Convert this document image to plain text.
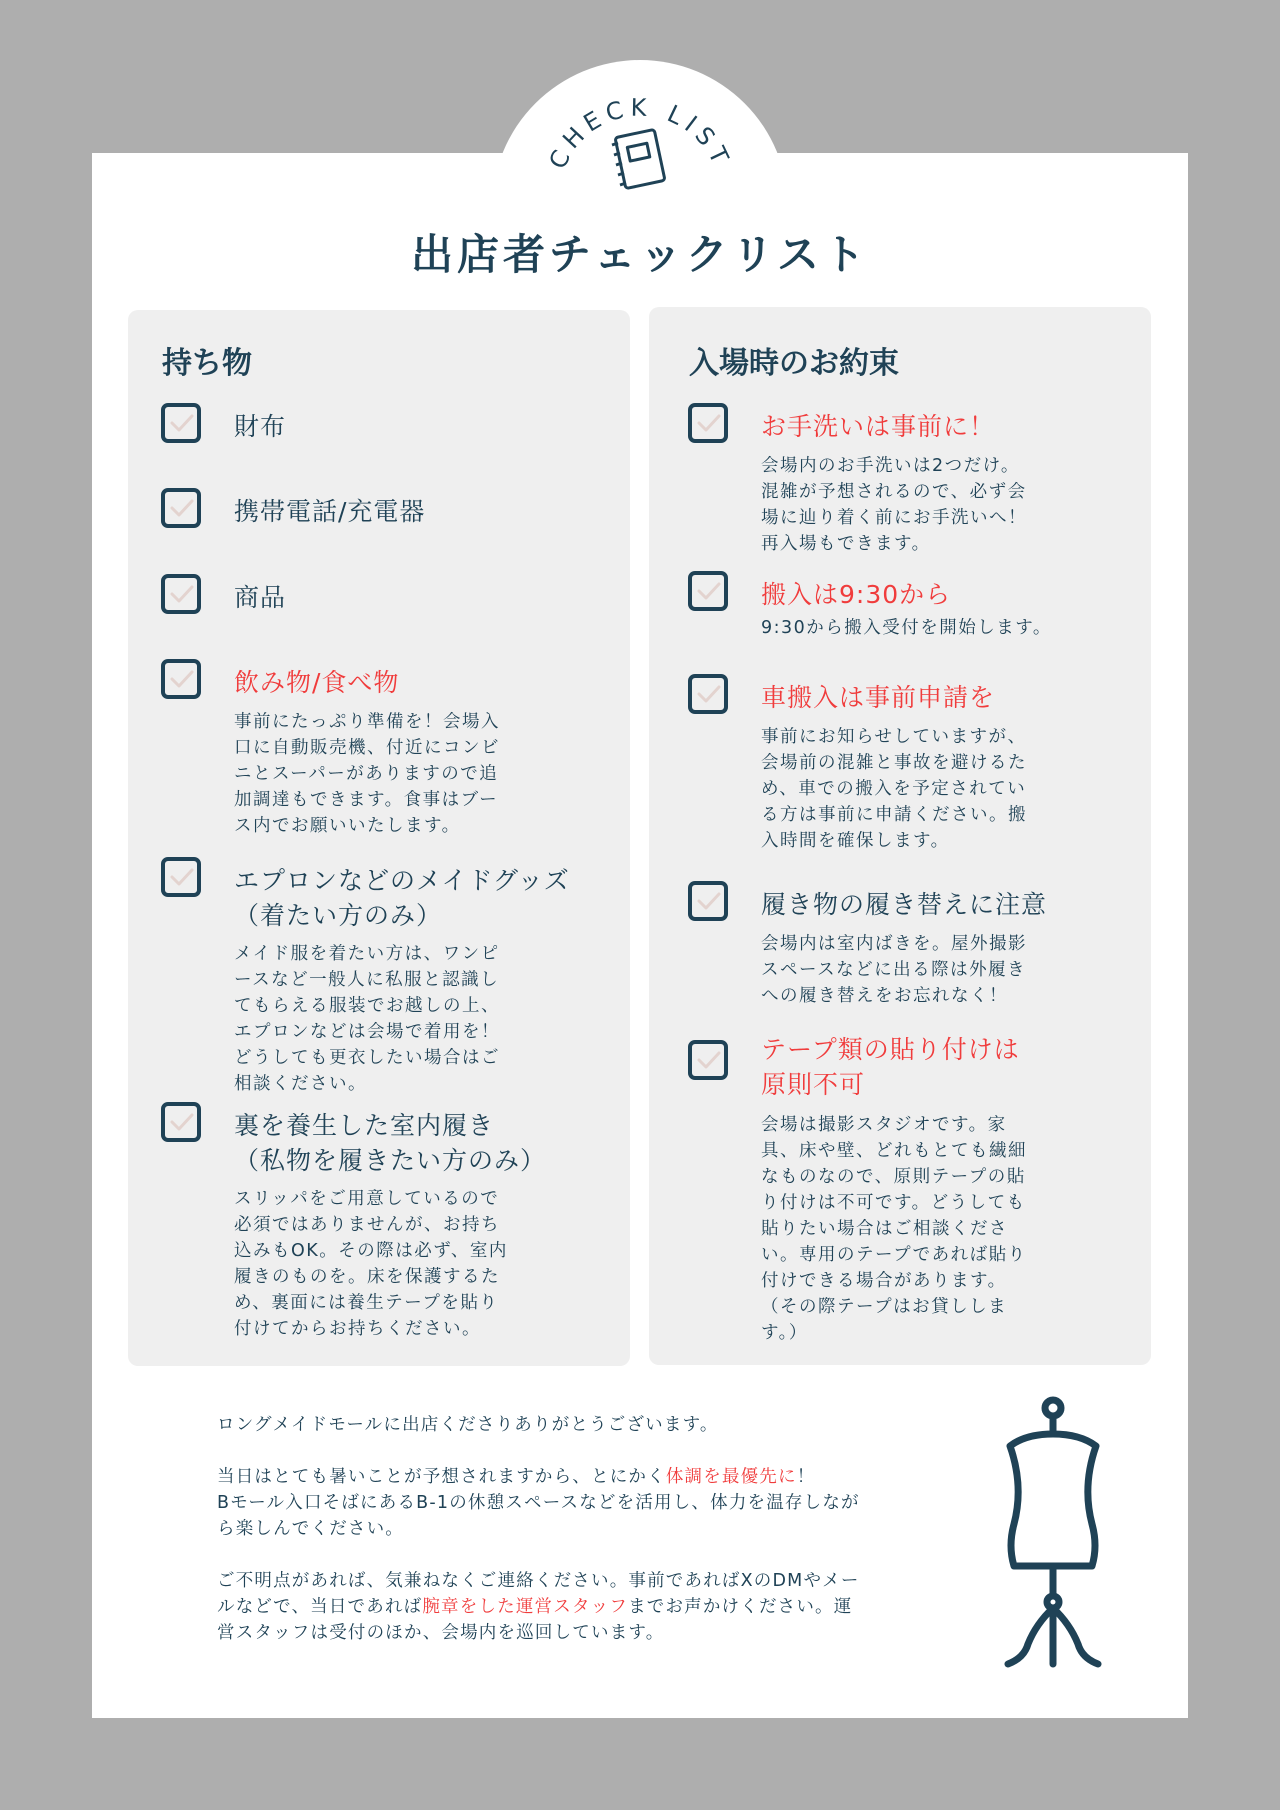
CHECK LIST
出店者チェックリスト
持ち物
財布
携帯電話/充電器
商品
飲み物/食べ物
事前にたっぷり準備を！会場入
口に自動販売機、付近にコンビ
ニとスーパーがありますので追
加調達もできます。食事はブー
ス内でお願いいたします。
エプロンなどのメイドグッズ
（着たい方のみ）
メイド服を着たい方は、ワンピ
ースなど一般人に私服と認識し
てもらえる服装でお越しの上、
エプロンなどは会場で着用を！
どうしても更衣したい場合はご
相談ください。
裏を養生した室内履き
（私物を履きたい方のみ）
スリッパをご用意しているので
必須ではありませんが、お持ち
込みもOK。その際は必ず、室内
履きのものを。床を保護するた
め、裏面には養生テープを貼り
付けてからお持ちください。
入場時のお約束
お手洗いは事前に！
会場内のお手洗いは2つだけ。
混雑が予想されるので、必ず会
場に辿り着く前にお手洗いへ！
再入場もできます。
搬入は9:30から
9:30から搬入受付を開始します。
車搬入は事前申請を
事前にお知らせしていますが、
会場前の混雑と事故を避けるた
め、車での搬入を予定されてい
る方は事前に申請ください。搬
入時間を確保します。
履き物の履き替えに注意
会場内は室内ばきを。屋外撮影
スペースなどに出る際は外履き
への履き替えをお忘れなく！
テープ類の貼り付けは
原則不可
会場は撮影スタジオです。家
具、床や壁、どれもとても繊細
なものなので、原則テープの貼
り付けは不可です。どうしても
貼りたい場合はご相談くださ
い。専用のテープであれば貼り
付けできる場合があります。
（その際テープはお貸ししま
す。）

ロングメイドモールに出店くださりありがとうございます。

当日はとても暑いことが予想されますから、とにかく体調を最優先に！
Bモール入口そばにあるB-1の休憩スペースなどを活用し、体力を温存しなが
ら楽しんでください。

ご不明点があれば、気兼ねなくご連絡ください。事前であればXのDMやメー
ルなどで、当日であれば腕章をした運営スタッフまでお声かけください。運
営スタッフは受付のほか、会場内を巡回しています。
